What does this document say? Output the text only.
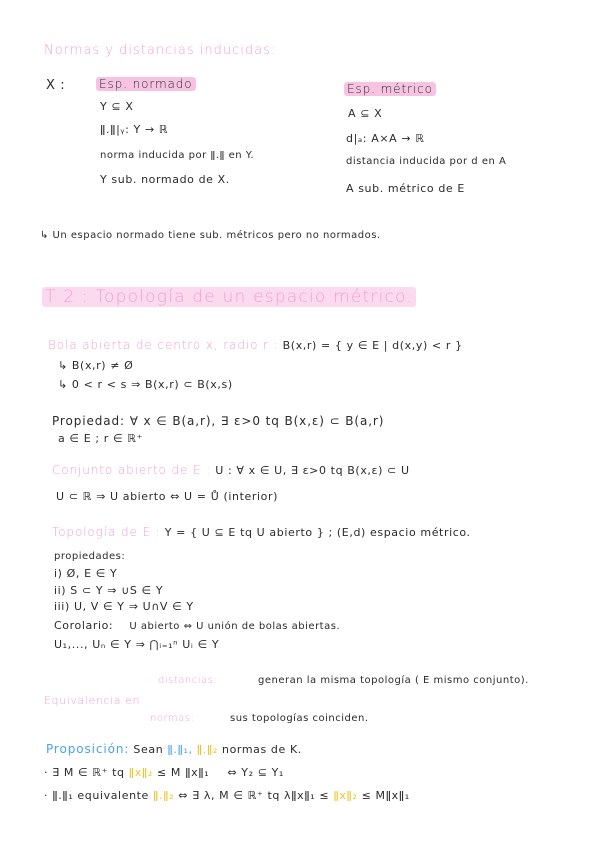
Normas y distancias inducidas:
X :	Esp. normado
Y ⊆ X
ǁ.ǁ|ᵧ: Y → ℝ
norma inducida por ǁ.ǁ en Y.
Y sub. normado de X.
Esp. métrico
A ⊆ X
d|ₐ: A×A → ℝ
distancia inducida por d en A
A sub. métrico de E
↳ Un espacio normado tiene sub. métricos pero no normados.
T 2 : Topología de un espacio métrico.
Bola abierta de centro x, radio r : B(x,r) = { y ∈ E | d(x,y) < r }
↳ B(x,r) ≠ Ø
↳ 0 < r < s ⇒ B(x,r) ⊂ B(x,s)
Propiedad: ∀ x ∈ B(a,r), ∃ ε>0 tq B(x,ε) ⊂ B(a,r)
a ∈ E ; r ∈ ℝ⁺
Conjunto abierto de E : U : ∀ x ∈ U, ∃ ε>0 tq B(x,ε) ⊂ U
U ⊂ ℝ ⇒ U abierto ⇔ U = Ů (interior)
Topología de E : Υ = { U ⊆ E tq U abierto } ; (E,d) espacio métrico.
propiedades:
i) Ø, E ∈ Υ
ii) S ⊂ Υ ⇒ ∪S ∈ Υ
iii) U, V ∈ Υ ⇒ U∩V ∈ Υ
Corolario: U abierto ⇔ U unión de bolas abiertas.
U₁,..., Uₙ ∈ Υ ⇒ ⋂ᵢ₌₁ⁿ Uᵢ ∈ Υ
distancias:	generan la misma topología ( E mismo conjunto).
Equivalencia en
normas:	sus topologías coinciden.
Proposición: Sean ǁ.ǁ₁, ǁ.ǁ₂ normas de K.
· ∃ M ∈ ℝ⁺ tq ǁxǁ₂ ≤ M ǁxǁ₁ ⇔ Υ₂ ⊆ Υ₁
· ǁ.ǁ₁ equivalente ǁ.ǁ₂ ⇔ ∃ λ, M ∈ ℝ⁺ tq λǁxǁ₁ ≤ ǁxǁ₂ ≤ Mǁxǁ₁
